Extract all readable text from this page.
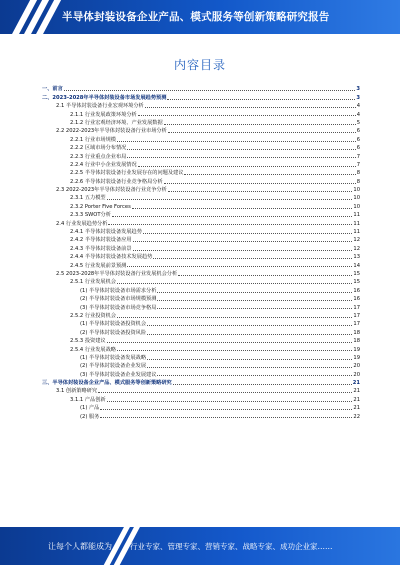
半导体封装设备企业产品、模式服务等创新策略研究报告
内容目录
一、前言	3
二、2023-2028年半导体封装设备市场发展趋势预测	3
2.1 半导体封装设备行业宏观环境分析	4
2.1.1 行业发展政策环境分析	4
2.1.2 行业宏观经济环境、产业发展数据	5
2.2 2022-2023年半导体封装设备行业市场分析	6
2.2.1 行业市场规模	6
2.2.2 区域市场分布情况	6
2.2.3 行业重点企业布局	7
2.2.4 行业中小企业发展情况	7
2.2.5 半导体封装设备行业发展存在的问题及建议	8
2.2.6 半导体封装设备行业竞争格局分析	8
2.3 2022-2023年半导体封装设备行业竞争分析	10
2.3.1 五力模型	10
2.3.2 Porter Five Forces	10
2.3.3 SWOT分析	11
2.4 行业发展趋势分析	11
2.4.1 半导体封装设备发展趋势	11
2.4.2 半导体封装设备应用	12
2.4.3 半导体封装设备前景	12
2.4.4 半导体封装设备技术发展趋势	13
2.4.5 行业发展前景预测	14
2.5 2023-2028年半导体封装设备行业发展机会分析	15
2.5.1 行业发展机会	15
(1) 半导体封装设备市场需求分析	16
(2) 半导体封装设备市场规模预测	16
(3) 半导体封装设备市场竞争格局	17
2.5.2 行业投资机会	17
(1) 半导体封装设备投资机会	17
(2) 半导体封装设备投资风险	18
2.5.3 投资建议	18
2.5.4 行业发展战略	19
(1) 半导体封装设备发展战略	19
(2) 半导体封装设备企业发展	20
(3) 半导体封装设备企业发展建议	20
三、半导体封装设备企业产品、模式服务等创新策略研究	21
3.1 创新策略研究	21
3.1.1 产品创新	21
(1) 产品	21
(2) 服务	22
让每个人都能成为 行业专家、管理专家、营销专家、战略专家、成功企业家……
